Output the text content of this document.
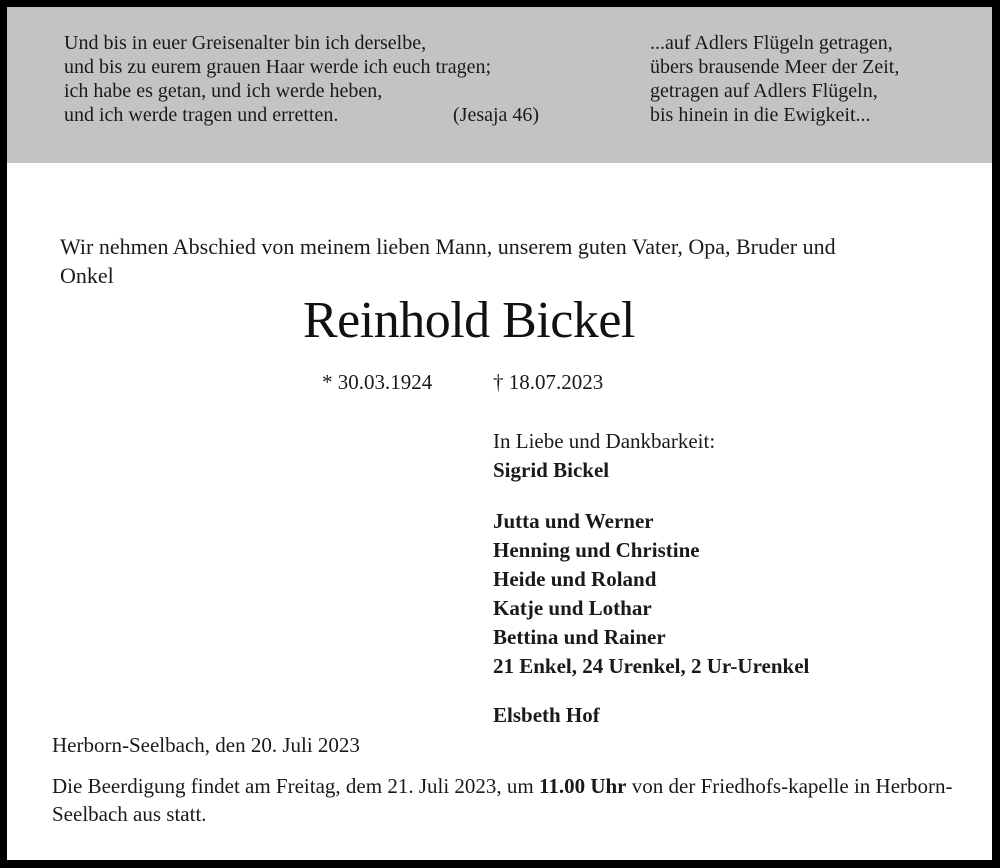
Und bis in euer Greisenalter bin ich derselbe,
und bis zu eurem grauen Haar werde ich euch tragen;
ich habe es getan, und ich werde heben,
und ich werde tragen und erretten.	(Jesaja 46)
...auf Adlers Flügeln getragen,
übers brausende Meer der Zeit,
getragen auf Adlers Flügeln,
bis hinein in die Ewigkeit...
Wir nehmen Abschied von meinem lieben Mann, unserem guten Vater, Opa, Bruder und Onkel
Reinhold Bickel
* 30.03.1924	† 18.07.2023
In Liebe und Dankbarkeit:
Sigrid Bickel
Jutta und Werner
Henning und Christine
Heide und Roland
Katje und Lothar
Bettina und Rainer
21 Enkel, 24 Urenkel, 2 Ur-Urenkel
Elsbeth Hof
Herborn-Seelbach, den 20. Juli 2023
Die Beerdigung findet am Freitag, dem 21. Juli 2023, um 11.00 Uhr von der Friedhofs-kapelle in Herborn-Seelbach aus statt.
